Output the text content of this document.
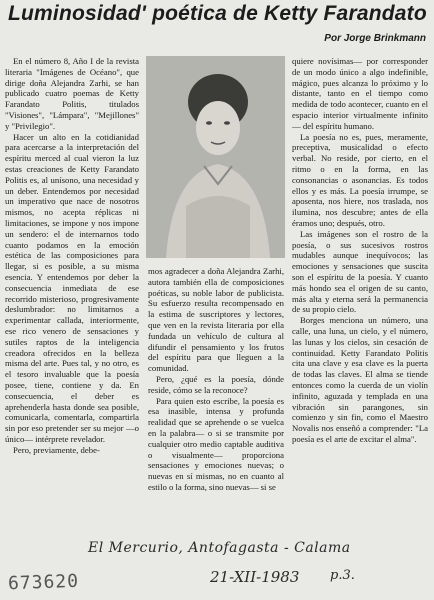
Luminosidad' poética de Ketty Farandato
Por Jorge Brinkmann

En el número 8, Año I de la revista literaria "Imágenes de Océano", que dirige doña Alejandra Zarhi, se han publicado cuatro poemas de Ketty Farandato Politis, titulados "Visiones", "Lámpara", "Mejillones" y "Privilegio".

Hacer un alto en la cotidianidad para acercarse a la interpretación del espíritu merced al cual vieron la luz estas creaciones de Ketty Farandato Politis es, al unísono, una necesidad y un deber. Entendemos por necesidad un imperativo que nace de nosotros mismos, no acepta réplicas ni limitaciones, se impone y nos impone un sendero: el de internarnos todo cuanto podamos en la emoción estética de las composiciones para llegar, si es posible, a su misma esencia. Y entendemos por deber la consecuencia inmediata de ese recorrido misterioso, progresivamente deslumbrador: no limitarnos a experimentar callada, interiormente, ese rico venero de sensaciones y sutiles raptos de la inteligencia creadora ofrecidos en la belleza misma del arte. Pues tal, y no otro, es el tesoro invaluable que la poesía posee, tiene, contiene y da. En consecuencia, el deber es aprehenderla hasta donde sea posible, comunicarla, comentarla, compartirla sin por eso pretender ser su mejor —o único— intérprete revelador.

Pero, previamente, debe-

mos agradecer a doña Alejandra Zarhi, autora también ella de composiciones poéticas, su noble labor de publicista. Su esfuerzo resulta recompensado en la estima de suscriptores y lectores, que ven en la revista literaria por ella fundada un vehículo de cultura al difundir el pensamiento y los frutos del espíritu para que lleguen a la comunidad.

Pero, ¿qué es la poesía, dónde reside, cómo se la reconoce?

Para quien esto escribe, la poesía es esa inasible, intensa y profunda realidad que se aprehende o se vuelca en la palabra— o si se transmite por cualquier otro medio captable auditiva o visualmente— proporciona sensaciones y emociones nuevas; o nuevas en sí mismas, no en cuanto al estilo o la forma, sino nuevas— si se

quiere novísimas— por corresponder de un modo único a algo indefinible, mágico, pues alcanza lo próximo y lo distante, tanto en el tiempo como medida de todo acontecer, cuanto en el espacio interior virtualmente infinito— del espíritu humano.

La poesía no es, pues, meramente, preceptiva, musicalidad o efecto verbal. No reside, por cierto, en el ritmo o en la forma, en las consonancias o asonancias. Es todos ellos y es más. La poesía irrumpe, se aposenta, nos hiere, nos traslada, nos ilumina, nos descubre; antes de ella éramos uno; después, otro.

Las imágenes son el rostro de la poesía, o sus sucesivos rostros mudables aunque inequívocos; las emociones y sensaciones que suscita son el espíritu de la poesía. Y cuanto más hondo sea el origen de su canto, más alta y eterna será la permanencia de su propio cielo.

Borges menciona un número, una calle, una luna, un cielo, y el número, las lunas y los cielos, sin cesación de continuidad. Ketty Farandato Politis cita una clave y esa clave es la puerta de todas las claves. El alma se tiende entonces como la cuerda de un violín infinito, aguzada y templada en una vibración sin parangones, sin comienzo y sin fin, como el Maestro Novalis nos enseñó a comprender: "La poesía es el arte de excitar el alma".

El Mercurio, Antofagasta - Calama
673620	21-XII-1983 p.3.
